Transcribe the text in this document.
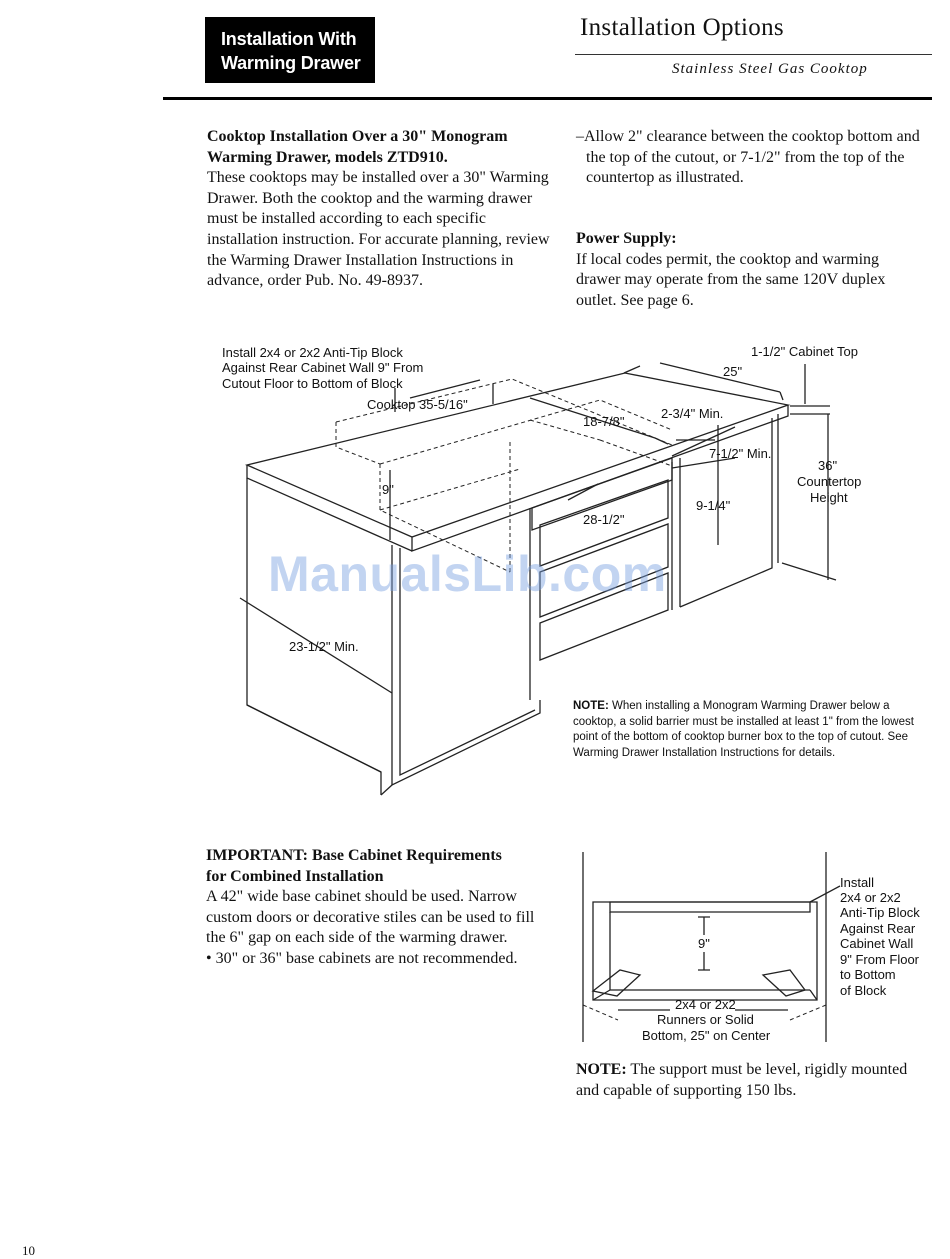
Installation With
Warming Drawer
Installation Options
Stainless Steel Gas Cooktop
Cooktop Installation Over a 30" Monogram
Warming Drawer, models ZTD910.
These cooktops may be installed over a 30" Warming Drawer. Both the cooktop and the warming drawer must be installed according to each specific installation instruction. For accurate planning, review the Warming Drawer Installation Instructions in advance, order Pub. No. 49-8937.
–Allow 2" clearance between the cooktop bottom and the top of the cutout, or 7-1/2" from the top of the countertop as illustrated.
Power Supply:
If local codes permit, the cooktop and warming drawer may operate from the same 120V duplex outlet. See page 6.
Install 2x4 or 2x2 Anti-Tip Block
Against Rear Cabinet Wall 9" From
Cutout Floor to Bottom of Block
Cooktop 35-5/16"
25"
1-1/2" Cabinet Top
18-7/8"
2-3/4" Min.
7-1/2" Min.
36"
Countertop
Height
9"
9-1/4"
28-1/2"
23-1/2" Min.
Install
2x4 or 2x2
Anti-Tip Block
Against Rear
Cabinet Wall
9" From Floor
to Bottom
of Block
9"
2x4 or 2x2
Runners or Solid
Bottom, 25" on Center
NOTE: When installing a Monogram Warming Drawer below a cooktop, a solid barrier must be installed at least 1" from the lowest point of the bottom of cooktop burner box to the top of cutout. See Warming Drawer Installation Instructions for details.
ManualsLib.com
IMPORTANT: Base Cabinet Requirements
for Combined Installation
A 42" wide base cabinet should be used. Narrow custom doors or decorative stiles can be used to fill the 6" gap on each side of the warming drawer.
• 30" or 36" base cabinets are not recommended.
NOTE: The support must be level, rigidly mounted and capable of supporting 150 lbs.
10
